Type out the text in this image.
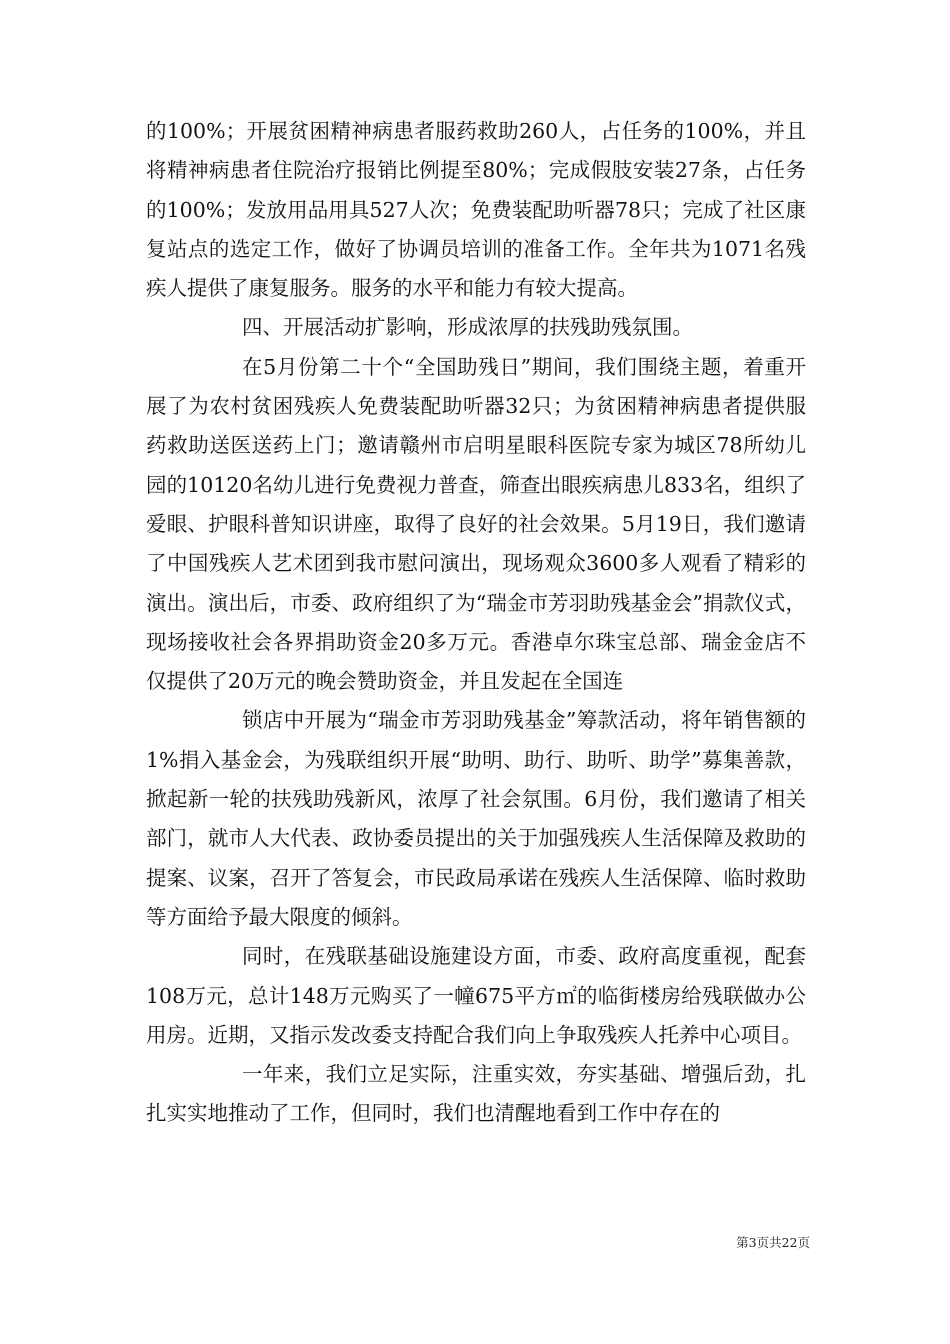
的100%；开展贫困精神病患者服药救助260人，占任务的100%，并且将精神病患者住院治疗报销比例提至80%；完成假肢安装27条，占任务的100%；发放用品用具527人次；免费装配助听器78只；完成了社区康复站点的选定工作，做好了协调员培训的准备工作。全年共为1071名残疾人提供了康复服务。服务的水平和能力有较大提高。

四、开展活动扩影响，形成浓厚的扶残助残氛围。

在5月份第二十个“全国助残日”期间，我们围绕主题，着重开展了为农村贫困残疾人免费装配助听器32只；为贫困精神病患者提供服药救助送医送药上门；邀请赣州市启明星眼科医院专家为城区78所幼儿园的10120名幼儿进行免费视力普查，筛查出眼疾病患儿833名，组织了爱眼、护眼科普知识讲座，取得了良好的社会效果。5月19日，我们邀请了中国残疾人艺术团到我市慰问演出，现场观众3600多人观看了精彩的演出。演出后，市委、政府组织了为“瑞金市芳羽助残基金会”捐款仪式，现场接收社会各界捐助资金20多万元。香港卓尔珠宝总部、瑞金金店不仅提供了20万元的晚会赞助资金，并且发起在全国连

锁店中开展为“瑞金市芳羽助残基金”筹款活动，将年销售额的1%捐入基金会，为残联组织开展“助明、助行、助听、助学”募集善款，掀起新一轮的扶残助残新风，浓厚了社会氛围。6月份，我们邀请了相关部门，就市人大代表、政协委员提出的关于加强残疾人生活保障及救助的提案、议案，召开了答复会，市民政局承诺在残疾人生活保障、临时救助等方面给予最大限度的倾斜。

同时，在残联基础设施建设方面，市委、政府高度重视，配套108万元，总计148万元购买了一幢675平方㎡的临街楼房给残联做办公用房。近期，又指示发改委支持配合我们向上争取残疾人托养中心项目。

一年来，我们立足实际，注重实效，夯实基础、增强后劲，扎扎实实地推动了工作，但同时，我们也清醒地看到工作中存在的

第3页共22页
